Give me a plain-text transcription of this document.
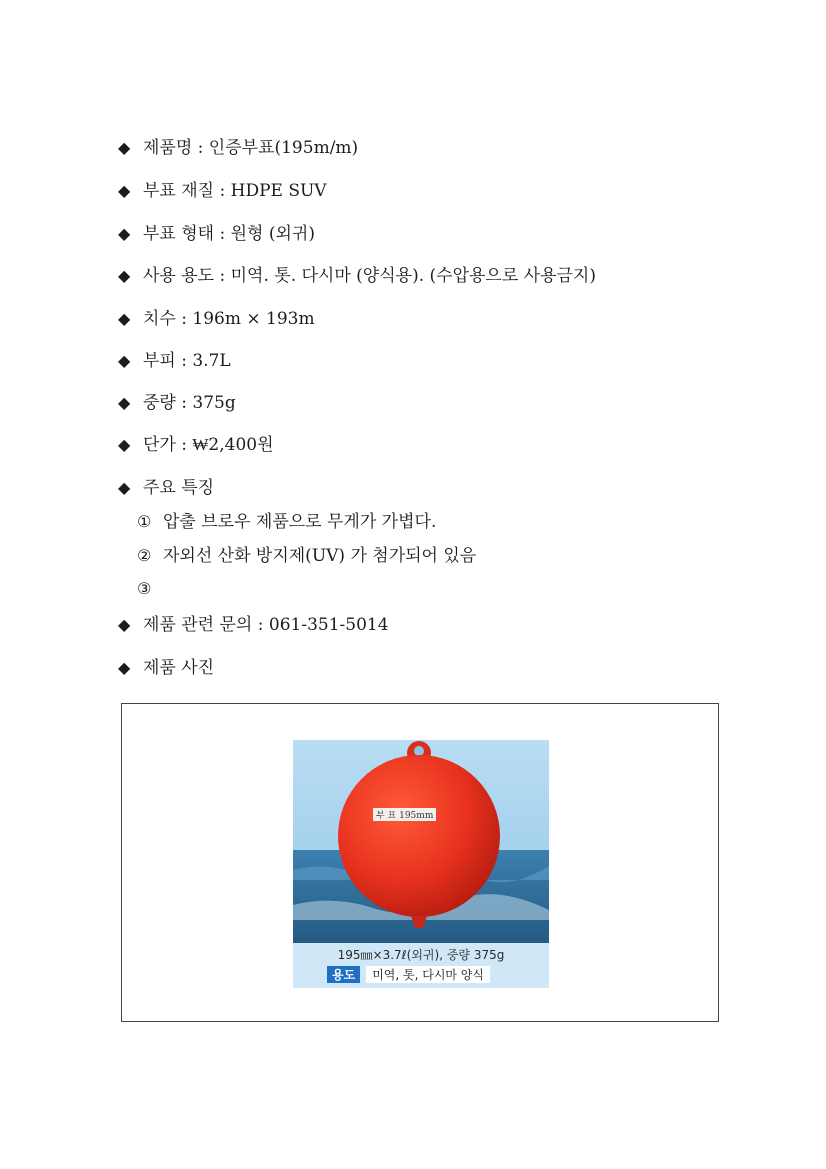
◆ 제품명 : 인증부표(195m/m)
◆ 부표 재질 : HDPE SUV
◆ 부표 형태 : 원형 (외귀)
◆ 사용 용도 : 미역. 톳. 다시마 (양식용). (수압용으로 사용금지)
◆ 치수 : 196m × 193m
◆ 부피 : 3.7L
◆ 중량 : 375g
◆ 단가 : ₩2,400원
◆ 주요 특징
① 압출 브로우 제품으로 무게가 가볍다.
② 자외선 산화 방지제(UV) 가 첨가되어 있음
③
◆ 제품 관련 문의 : 061-351-5014
◆ 제품 사진
부 표 195mm
195㎜×3.7ℓ(외귀), 중량 375g
용도 미역, 톳, 다시마 양식
